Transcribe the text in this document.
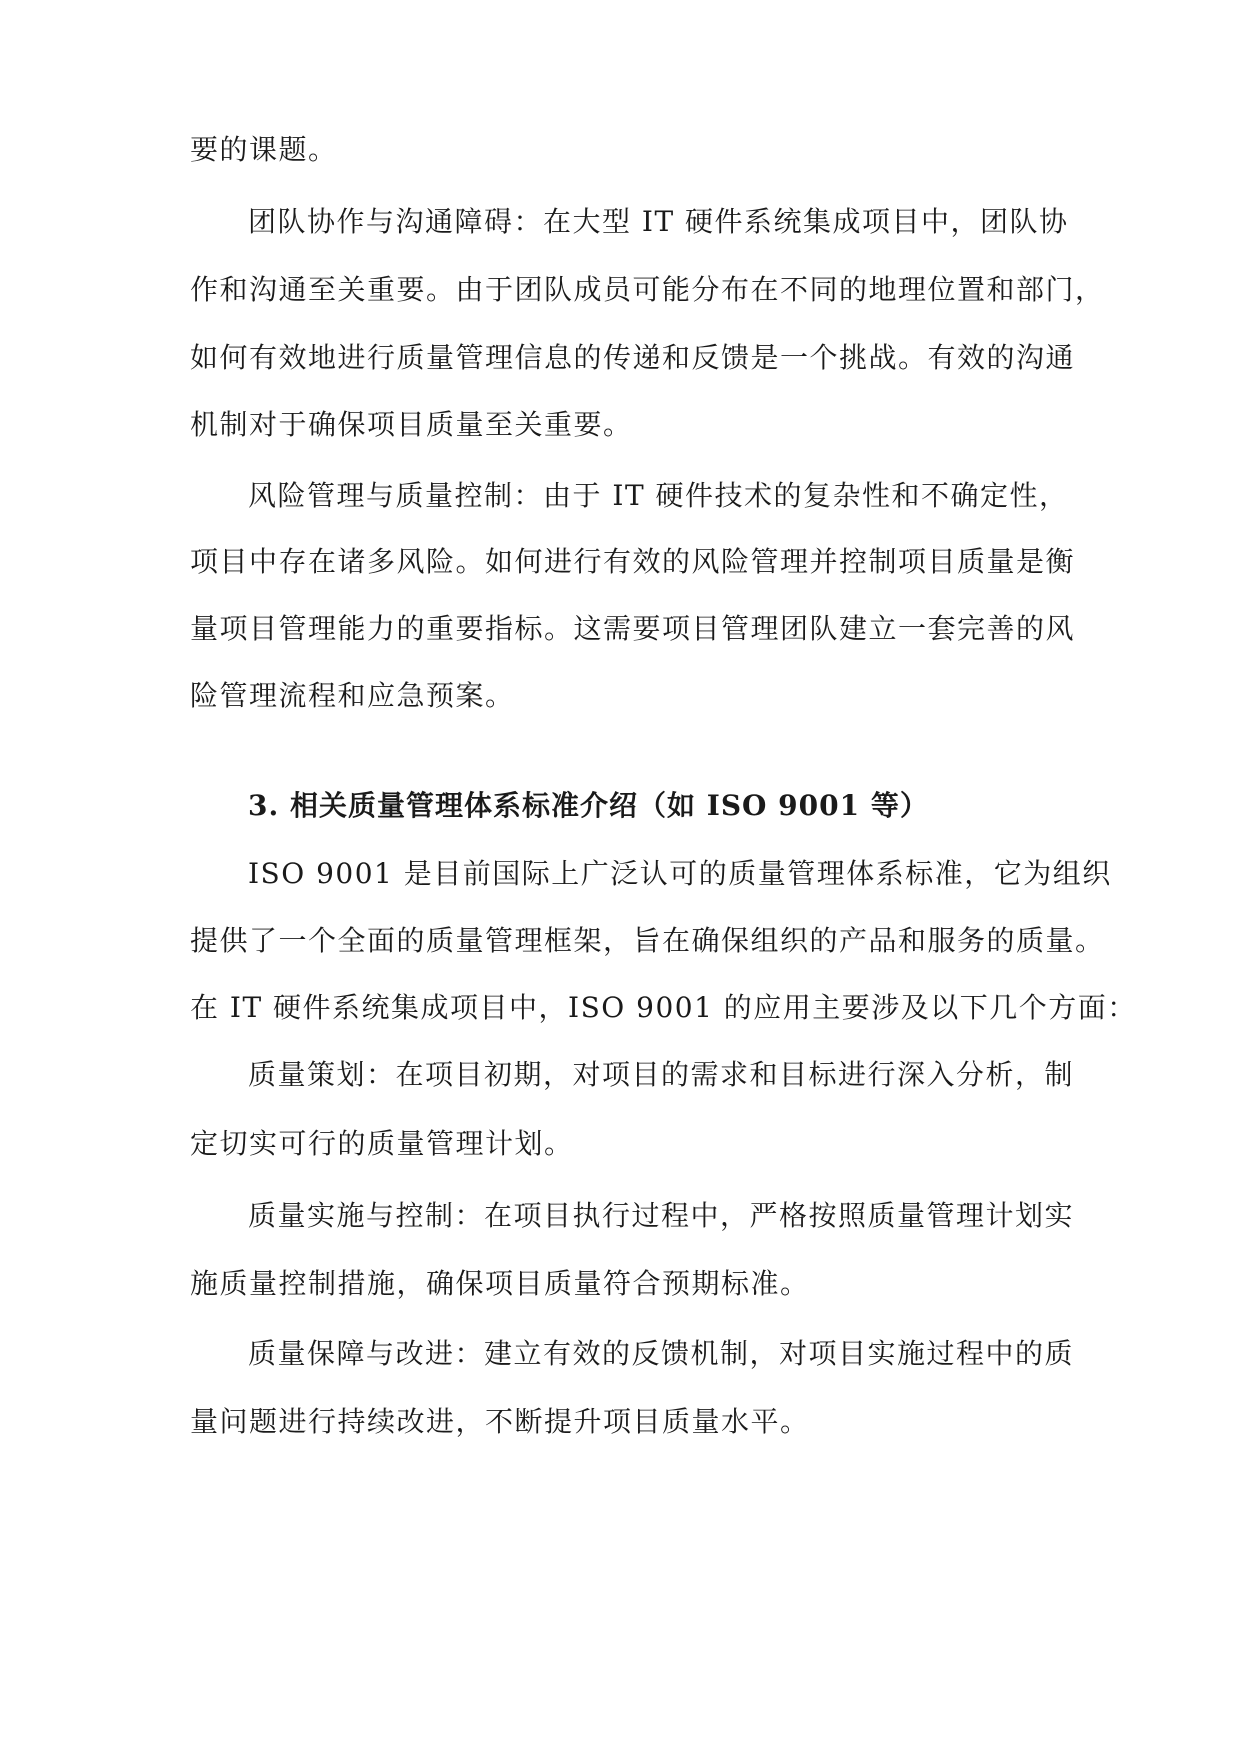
要的课题。

团队协作与沟通障碍：在大型 IT 硬件系统集成项目中，团队协

作和沟通至关重要。由于团队成员可能分布在不同的地理位置和部门，

如何有效地进行质量管理信息的传递和反馈是一个挑战。有效的沟通

机制对于确保项目质量至关重要。

风险管理与质量控制：由于 IT 硬件技术的复杂性和不确定性，

项目中存在诸多风险。如何进行有效的风险管理并控制项目质量是衡

量项目管理能力的重要指标。这需要项目管理团队建立一套完善的风

险管理流程和应急预案。

3. 相关质量管理体系标准介绍（如 ISO 9001 等）

ISO 9001 是目前国际上广泛认可的质量管理体系标准，它为组织

提供了一个全面的质量管理框架，旨在确保组织的产品和服务的质量。

在 IT 硬件系统集成项目中，ISO 9001 的应用主要涉及以下几个方面：

质量策划：在项目初期，对项目的需求和目标进行深入分析，制

定切实可行的质量管理计划。

质量实施与控制：在项目执行过程中，严格按照质量管理计划实

施质量控制措施，确保项目质量符合预期标准。

质量保障与改进：建立有效的反馈机制，对项目实施过程中的质

量问题进行持续改进，不断提升项目质量水平。
